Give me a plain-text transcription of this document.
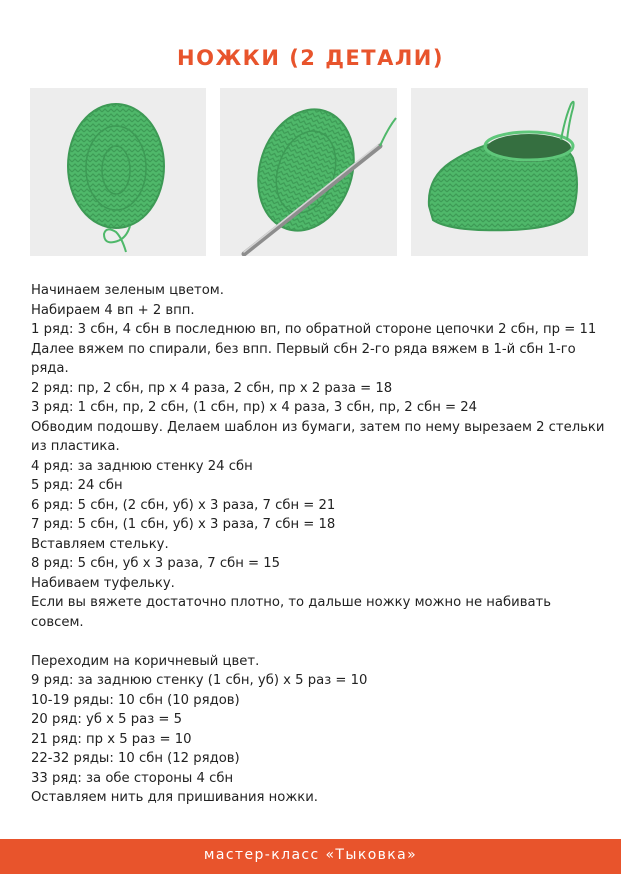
НОЖКИ (2 ДЕТАЛИ)

Начинаем зеленым цветом.

Набираем 4 вп + 2 впп.

1 ряд: 3 сбн, 4 сбн в последнюю вп, по обратной стороне цепочки 2 сбн, пр = 11

Далее вяжем по спирали, без впп. Первый сбн 2-го ряда вяжем в 1-й сбн 1-го ряда.

2 ряд: пр, 2 сбн, пр х 4 раза, 2 сбн, пр х 2 раза = 18

3 ряд: 1 сбн, пр, 2 сбн, (1 сбн, пр) х 4 раза, 3 сбн, пр, 2 сбн = 24

Обводим подошву. Делаем шаблон из бумаги, затем по нему вырезаем 2 стельки из пластика.

4 ряд: за заднюю стенку 24 сбн

5 ряд: 24 сбн

6 ряд: 5 сбн, (2 сбн, уб) х 3 раза, 7 сбн = 21

7 ряд: 5 сбн, (1 сбн, уб) х 3 раза, 7 сбн = 18

Вставляем стельку.

8 ряд: 5 сбн, уб х 3 раза, 7 сбн = 15

Набиваем туфельку.

Если вы вяжете достаточно плотно, то дальше ножку можно не набивать совсем.

Переходим на коричневый цвет.

9 ряд: за заднюю стенку (1 сбн, уб) х 5 раз = 10

10-19 ряды: 10 сбн (10 рядов)

20 ряд: уб х 5 раз = 5

21 ряд: пр х 5 раз = 10

22-32 ряды: 10 сбн (12 рядов)

33 ряд: за обе стороны 4 сбн

Оставляем нить для пришивания ножки.

мастер-класс «Тыковка»
